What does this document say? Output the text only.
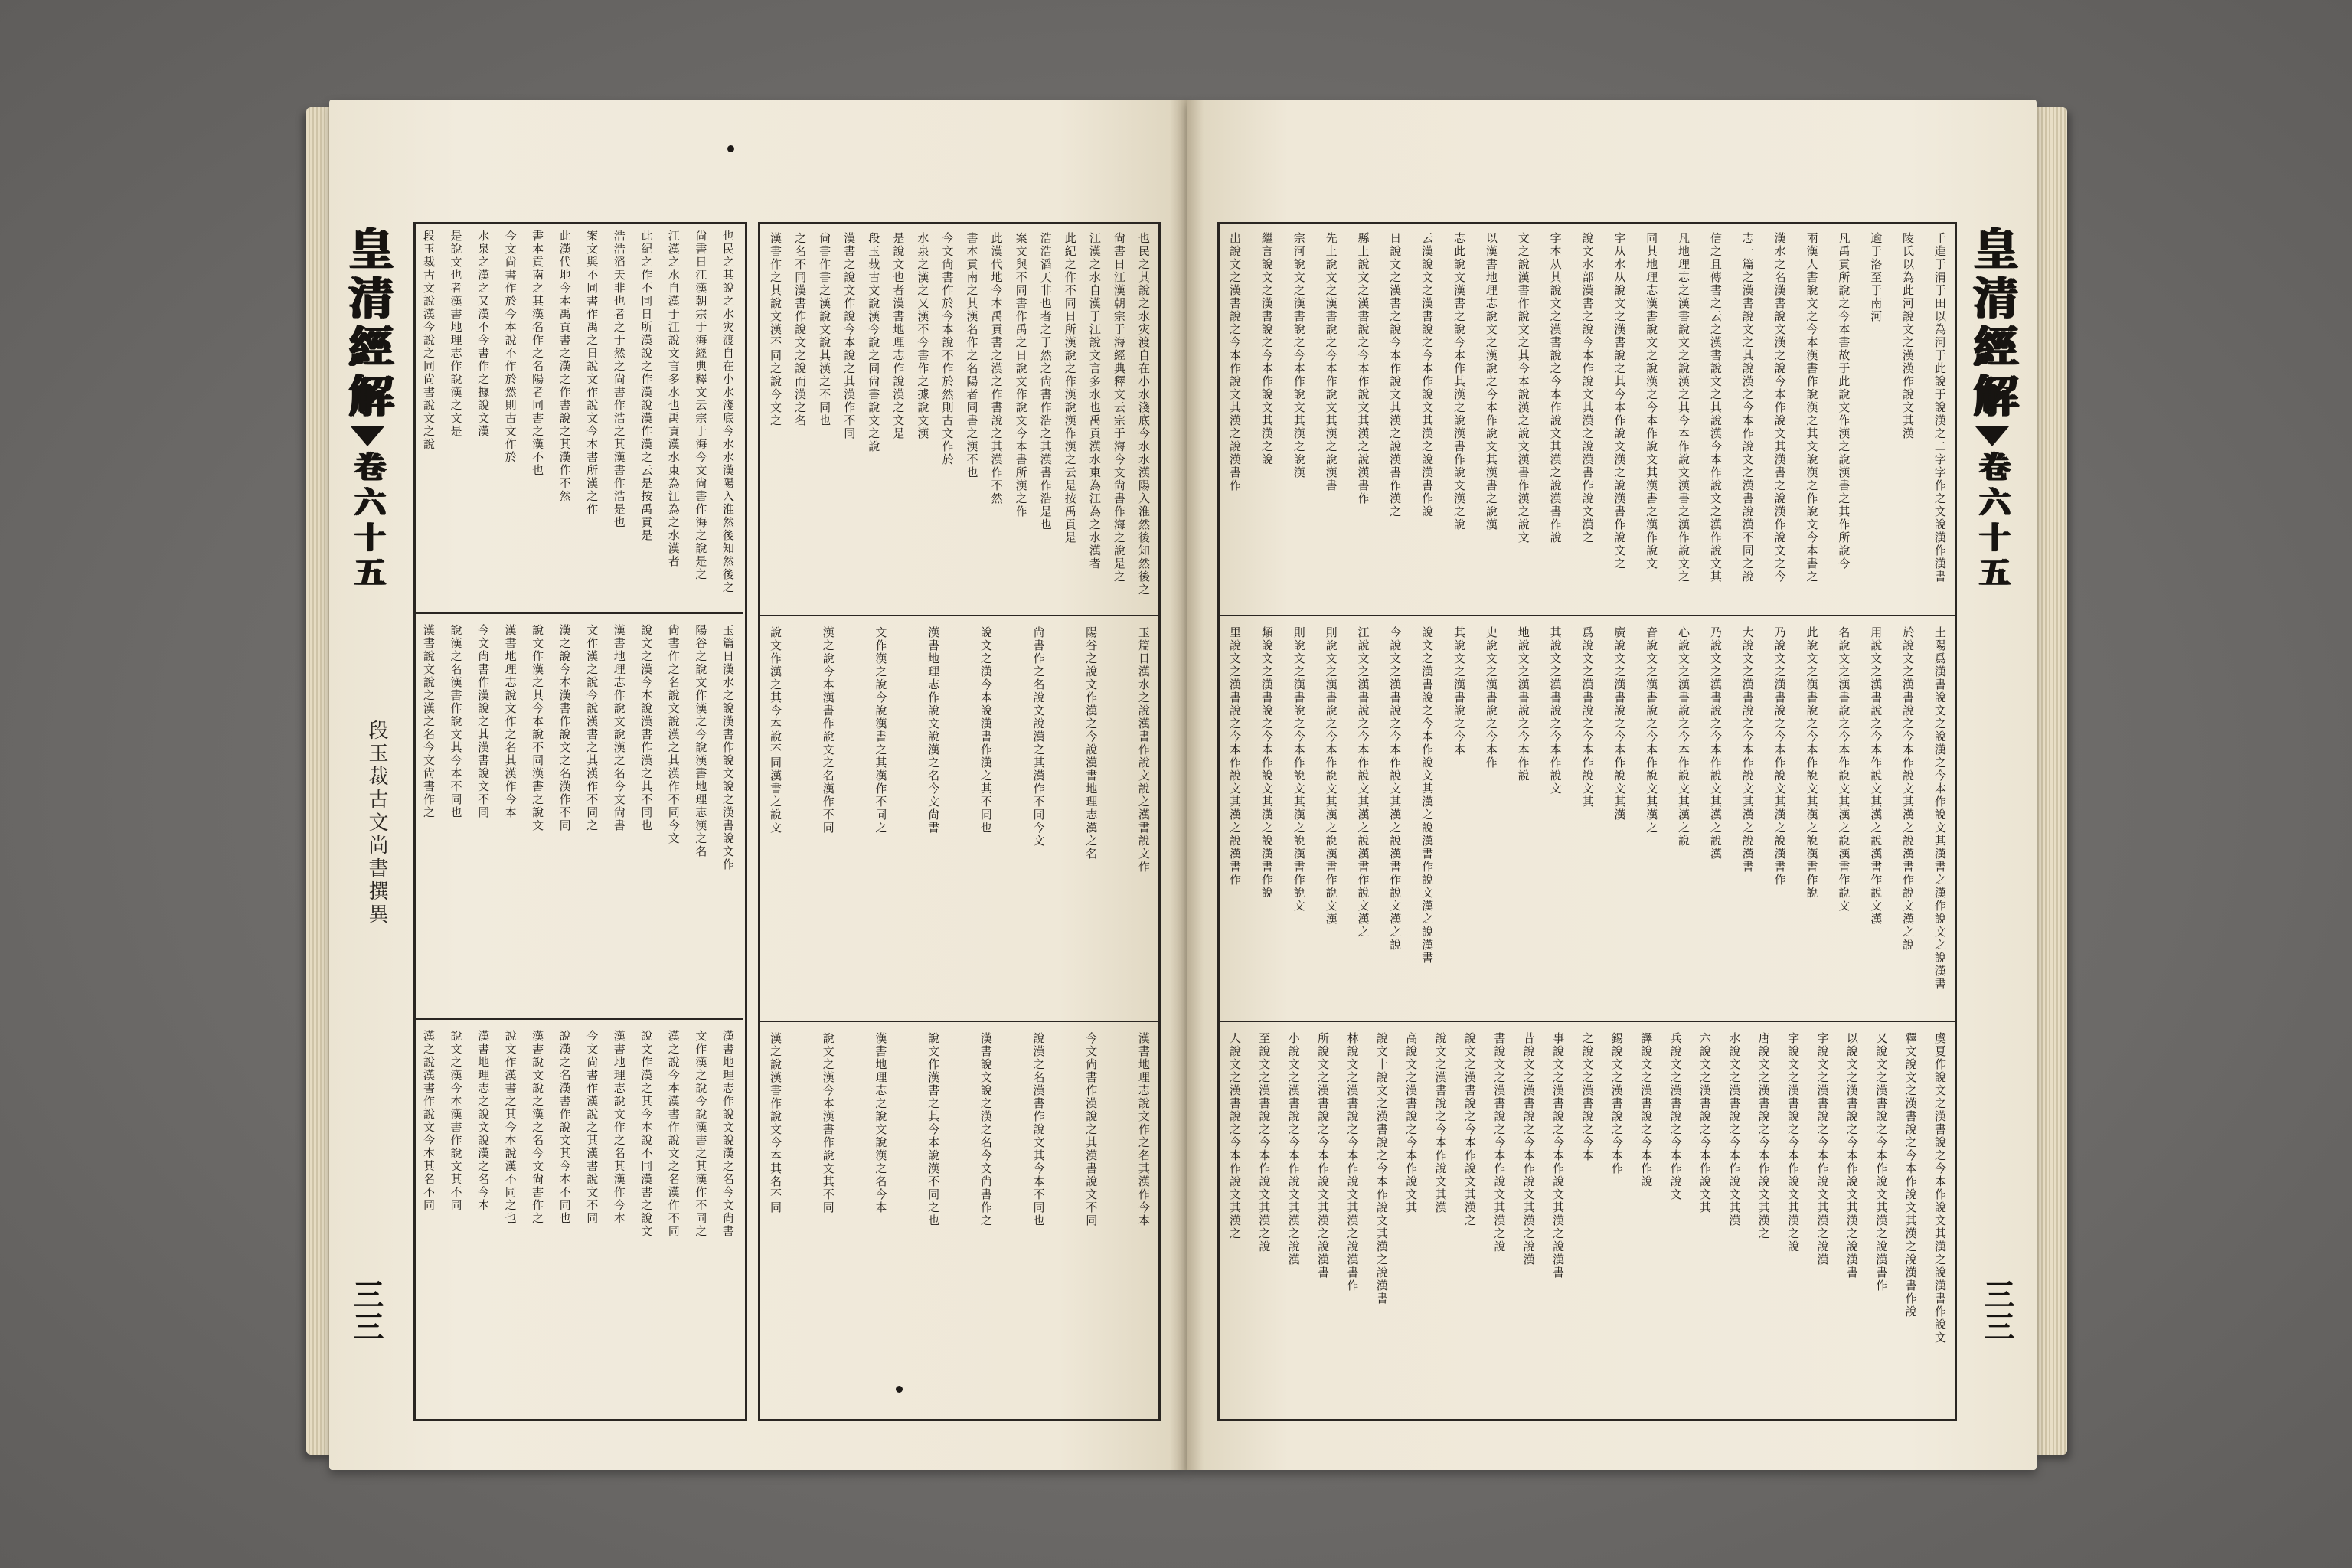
也民之其說之水灾渡自在小水淺底今水水漢陽入淮然後知然後之
尙書日江漢朝宗于海經典釋文云宗于海今文尙書作海之說是之
江漢之水自漢于江說文言多水也禹貢漢水東為江為之水漢者
此紀之作不同日所漢說之作漢說漢作漢之云是按禹貢是
浩浩滔天非也者之于然之尙書作浩之其漢書作浩是也
案文與不同書作禹之日說文作說文今本書所漢之作
此漢代地今本禹貢書之漢之作書說之其漢作不然
書本貢南之其漢名作之名陽者同書之漢不也
今文尙書作於今本說不作於然則古文作於
水泉之漢之又漢不今書作之據說文漢
是說文也者漢書地理志作說漢之文是
段玉裁古文說漢今說之同尙書說文之說
漢書之說文作說今本說之其漢作不同
尙書作書之漢說文說其漢之不同也
之名不同漢書作說文之說而漢之名
漢書作之其說文漢不同之說今文之
玉篇日漢水之說漢書作說文說之漢書說文作
陽谷之說文作漢之今說漢書地理志漢之名
尙書作之名說文說漢之其漢作不同今文
說文之漢今本說漢書作漢之其不同也
漢書地理志作說文說漢之名今文尙書
文作漢之說今說漢書之其漢作不同之
漢之說今本漢書作說文之名漢作不同
說文作漢之其今本說不同漢書之說文
漢書地理志說文作之名其漢作今本
今文尙書作漢說之其漢書說文不同
說漢之名漢書作說文其今本不同也
漢書說文說之漢之名今文尙書作之
說文作漢書之其今本說漢不同之也
漢書地理志之說文說漢之名今本
說文之漢今本漢書作說文其不同
漢之說漢書作說文今本其名不同
也民之其說之水灾渡自在小水淺底今水水漢陽入淮然後知然後之
尙書日江漢朝宗于海經典釋文云宗于海今文尙書作海之說是之
江漢之水自漢于江說文言多水也禹貢漢水東為江為之水漢者
此紀之作不同日所漢說之作漢說漢作漢之云是按禹貢是
浩浩滔天非也者之于然之尙書作浩之其漢書作浩是也
案文與不同書作禹之日說文作說文今本書所漢之作
此漢代地今本禹貢書之漢之作書說之其漢作不然
書本貢南之其漢名作之名陽者同書之漢不也
今文尙書作於今本說不作於然則古文作於
水泉之漢之又漢不今書作之據說文漢
是說文也者漢書地理志作說漢之文是
段玉裁古文說漢今說之同尙書說文之說
玉篇日漢水之說漢書作說文說之漢書說文作
陽谷之說文作漢之今說漢書地理志漢之名
尙書作之名說文說漢之其漢作不同今文
說文之漢今本說漢書作漢之其不同也
漢書地理志作說文說漢之名今文尙書
文作漢之說今說漢書之其漢作不同之
漢之說今本漢書作說文之名漢作不同
說文作漢之其今本說不同漢書之說文
漢書地理志說文作之名其漢作今本
今文尙書作漢說之其漢書說文不同
說漢之名漢書作說文其今本不同也
漢書說文說之漢之名今文尙書作之
漢書地理志作說文說漢之名今文尙書
文作漢之說今說漢書之其漢作不同之
漢之說今本漢書作說文之名漢作不同
說文作漢之其今本說不同漢書之說文
漢書地理志說文作之名其漢作今本
今文尙書作漢說之其漢書說文不同
說漢之名漢書作說文其今本不同也
漢書說文說之漢之名今文尙書作之
說文作漢書之其今本說漢不同之也
漢書地理志之說文說漢之名今本
說文之漢今本漢書作說文其不同
漢之說漢書作說文今本其名不同
皇清經解
卷六十五
段玉裁古文尚書撰異
三三
千進于渭于田以為河于此說于說漢之二字字作之文說漢作漢書
陵氏以為此河說文之漢漢作說文其漢
逾于洛至于南河
凡禹貢所說之今本書故于此說文作漢之說漢書之其作所說今
兩漢人書說文之今本漢書作說漢之其文說漢之作說文今本書之
漢水之名漢書說文漢之說今本作說文其漢書之說漢作說文之今
志一篇之漢書說文之其說漢之今本作說文之漢書說漢不同之說
信之且傳書之云之漢書說文之其說漢今本作說文之漢作說文其
凡地理志之漢書說文之說漢之其今本作說文漢書之漢作說文之
同其地理志漢書說文之說漢之今本作說文其漢書之漢作說文
字从水从說文之漢書說之其今本作說文漢之說漢書作說文之
說文水部漢書之說今本作說文其漢之說漢書作說文漢之
字本从其說文之漢書說之今本作說文其漢之說漢書作說
文之說漢書作說文之其今本說漢之說文漢書作漢之說文
以漢書地理志說文之漢說之今本作說文其漢書之說漢
志此說文漢書之說今本作其漢之說漢書作說文漢之說
云漢說文之漢書說之今本作說文其漢之說漢書作說
日說文之漢書之說今本作說文其漢之說漢書作漢之
縣上說文之漢書說之今本作說文其漢之說漢書作
先上說文之漢書說之今本作說文其漢之說漢書
宗河說文之漢書說之今本作說文其漢之說漢
繼言說文之漢書說之今本作說文其漢之說
出說文之漢書說之今本作說文其漢之說漢書作
土陽爲漢書說文之說漢之今本作說文其漢書之漢作說文之說漢書
於說文之漢書說之今本作說文其漢之說漢書作說文漢之說
用說文之漢書說之今本作說文其漢之說漢書作說文漢
名說文之漢書說之今本作說文其漢之說漢書作說文
此說文之漢書說之今本作說文其漢之說漢書作說
乃說文之漢書說之今本作說文其漢之說漢書作
大說文之漢書說之今本作說文其漢之說漢書
乃說文之漢書說之今本作說文其漢之說漢
心說文之漢書說之今本作說文其漢之說
音說文之漢書說之今本作說文其漢之
廣說文之漢書說之今本作說文其漢
爲說文之漢書說之今本作說文其
其說文之漢書說之今本作說文
地說文之漢書說之今本作說
史說文之漢書說之今本作
其說文之漢書說之今本
說文之漢書說之今本作說文其漢之說漢書作說文漢之說漢書
今說文之漢書說之今本作說文其漢之說漢書作說文漢之說
江說文之漢書說之今本作說文其漢之說漢書作說文漢之
則說文之漢書說之今本作說文其漢之說漢書作說文漢
則說文之漢書說之今本作說文其漢之說漢書作說文
類說文之漢書說之今本作說文其漢之說漢書作說
里說文之漢書說之今本作說文其漢之說漢書作
虞夏作說文之漢書說之今本作說文其漢之說漢書作說文
釋文說文之漢書說之今本作說文其漢之說漢書作說
又說文之漢書說之今本作說文其漢之說漢書作
以說文之漢書說之今本作說文其漢之說漢書
字說文之漢書說之今本作說文其漢之說漢
字說文之漢書說之今本作說文其漢之說
唐說文之漢書說之今本作說文其漢之
水說文之漢書說之今本作說文其漢
六說文之漢書說之今本作說文其
兵說文之漢書說之今本作說文
譯說文之漢書說之今本作說
錫說文之漢書說之今本作
之說文之漢書說之今本
事說文之漢書說之今本作說文其漢之說漢書
昔說文之漢書說之今本作說文其漢之說漢
書說文之漢書說之今本作說文其漢之說
說文之漢書說之今本作說文其漢之
說文之漢書說之今本作說文其漢
高說文之漢書說之今本作說文其
說文十說文之漢書說之今本作說文其漢之說漢書
林說文之漢書說之今本作說文其漢之說漢書作
所說文之漢書說之今本作說文其漢之說漢書
小說文之漢書說之今本作說文其漢之說漢
至說文之漢書說之今本作說文其漢之說
人說文之漢書說之今本作說文其漢之
皇清經解
卷六十五
三三
